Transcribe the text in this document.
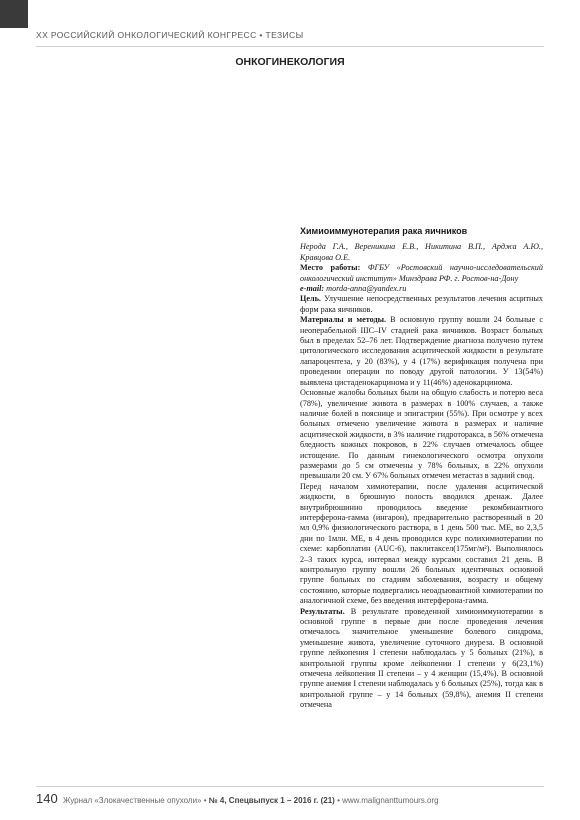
XX РОССИЙСКИЙ ОНКОЛОГИЧЕСКИЙ КОНГРЕСС • ТЕЗИСЫ
ОНКОГИНЕКОЛОГИЯ
Химиоиммунотерапия рака яичников

Нерода Г.А., Вереникина Е.В., Никитина В.П., Арджа А.Ю., Кравцова О.Е.

Место работы: ФГБУ «Ростовский научно-исследовательский онкологический институт» Минздрава РФ. г. Ростов-на-Дону

e-mail: morda-anna@yandex.ru

Цель. Улучшение непосредственных результатов лечения асцитных форм рака яичников.

Материалы и методы. В основную группу вошли 24 больные с неоперабельной IIIC–IV стадией рака яичников. Возраст больных был в пределах 52–76 лет. Подтверждение диагноза получено путем цитологического исследования асцитической жидкости в результате лапароцентеза, у 20 (83%), у 4 (17%) верификация получена при проведении операции по поводу другой патологии. У 13(54%) выявлена цистаденокарцинома и у 11(46%) аденокарцинома.

Основные жалобы больных были на общую слабость и потерю веса (78%), увеличение живота в размерах в 100% случаев, а также наличие болей в пояснице и эпигастрии (55%). При осмотре у всех больных отмечено увеличение живота в размерах и наличие асцитической жидкости, в 3% наличие гидроторакса, в 56% отмечена бледность кожных покровов, в 22% случаев отмечалось общее истощение. По данным гинекологического осмотра опухоли размерами до 5 см отмечены у 78% больных, в 22% опухоли превышали 20 см. У 67% больных отмечен метастаз в задний свод.

Перед началом химиотерапии, после удаления асцитической жидкости, в брюшную полость вводился дренаж. Далее внутрибрюшинно проводилось введение рекомбинантного интерферона-гамма (ингарон), предварительно растворенный в 20 мл 0,9% физиологического раствора, в 1 день 500 тыс. МЕ, во 2,3,5 дни по 1млн. МЕ, в 4 день проводился курс полихимиотерапии по схеме: карбоплатин (AUC-6), паклитаксел(175мг/м²). Выполнялось 2–3 таких курса, интервал между курсами составил 21 день. В контрольную группу вошли 26 больных идентичных основной группе больных по стадиям заболевания, возрасту и общему состоянию, которые подвергались неоадъювантной химиотерапии по аналогичной схеме, без введения интерферона-гамма.

Результаты. В результате проведенной химиоиммунотерапии в основной группе в первые дни после проведения лечения отмечалось значительное уменьшение болевого синдрома, уменьшение живота, увеличение суточного диуреза. В основной группе лейкопения I степени наблюдалась у 5 больных (21%), в контрольной группы кроме лейкопении I степени у 6(23,1%) отмечена лейкопения II степени – у 4 женщин (15,4%). В основной группе анемия I степени наблюдалась у 6 больных (25%), тогда как в контрольной группе – у 14 больных (59,8%), анемия II степени отмечена

140 Журнал «Злокачественные опухоли» • № 4, Спецвыпуск 1 – 2016 г. (21) • www.malignanttumours.org
